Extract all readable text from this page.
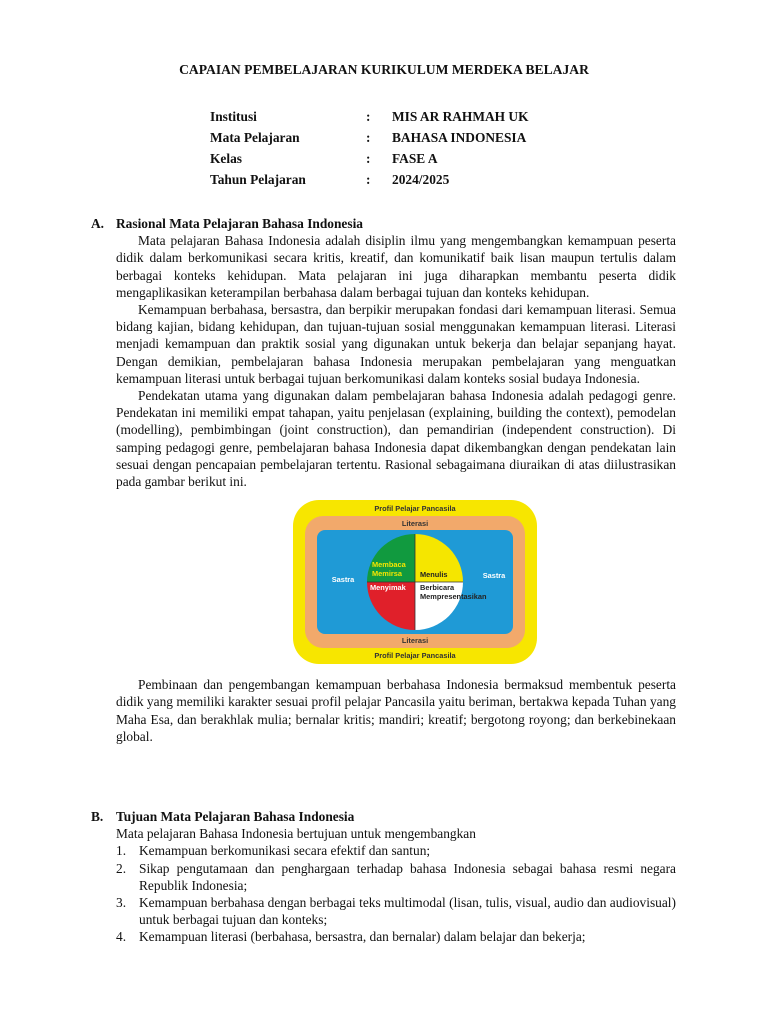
CAPAIAN PEMBELAJARAN KURIKULUM MERDEKA BELAJAR
Institusi	:	MIS AR RAHMAH UK
Mata Pelajaran	:	BAHASA INDONESIA
Kelas	:	FASE A
Tahun Pelajaran	:	2024/2025
A. Rasional Mata Pelajaran Bahasa Indonesia

Mata pelajaran Bahasa Indonesia adalah disiplin ilmu yang mengembangkan kemampuan peserta didik dalam berkomunikasi secara kritis, kreatif, dan komunikatif baik lisan maupun tertulis dalam berbagai konteks kehidupan. Mata pelajaran ini juga diharapkan membantu peserta didik mengaplikasikan keterampilan berbahasa dalam berbagai tujuan dan konteks kehidupan.

Kemampuan berbahasa, bersastra, dan berpikir merupakan fondasi dari kemampuan literasi. Semua bidang kajian, bidang kehidupan, dan tujuan-tujuan sosial menggunakan kemampuan literasi. Literasi menjadi kemampuan dan praktik sosial yang digunakan untuk bekerja dan belajar sepanjang hayat. Dengan demikian, pembelajaran bahasa Indonesia merupakan pembelajaran yang menguatkan kemampuan literasi untuk berbagai tujuan berkomunikasi dalam konteks sosial budaya Indonesia.

Pendekatan utama yang digunakan dalam pembelajaran bahasa Indonesia adalah pedagogi genre. Pendekatan ini memiliki empat tahapan, yaitu penjelasan (explaining, building the context), pemodelan (modelling), pembimbingan (joint construction), dan pemandirian (independent construction). Di samping pedagogi genre, pembelajaran bahasa Indonesia dapat dikembangkan dengan pendekatan lain sesuai dengan pencapaian pembelajaran tertentu. Rasional sebagaimana diuraikan di atas diilustrasikan pada gambar berikut ini.

Profil Pelajar Pancasila
Profil Pelajar Pancasila
Literasi
Literasi
Sastra	Sastra
Membaca
Memirsa Menulis
Menyimak Berbicara
Mempresentasikan

Pembinaan dan pengembangan kemampuan berbahasa Indonesia bermaksud membentuk peserta didik yang memiliki karakter sesuai profil pelajar Pancasila yaitu beriman, bertakwa kepada Tuhan yang Maha Esa, dan berakhlak mulia; bernalar kritis; mandiri; kreatif; bergotong royong; dan berkebinekaan global.

B. Tujuan Mata Pelajaran Bahasa Indonesia

Mata pelajaran Bahasa Indonesia bertujuan untuk mengembangkan

1. Kemampuan berkomunikasi secara efektif dan santun;
2. Sikap pengutamaan dan penghargaan terhadap bahasa Indonesia sebagai bahasa resmi negara Republik Indonesia;
3. Kemampuan berbahasa dengan berbagai teks multimodal (lisan, tulis, visual, audio dan audiovisual) untuk berbagai tujuan dan konteks;
4. Kemampuan literasi (berbahasa, bersastra, dan bernalar) dalam belajar dan bekerja;
